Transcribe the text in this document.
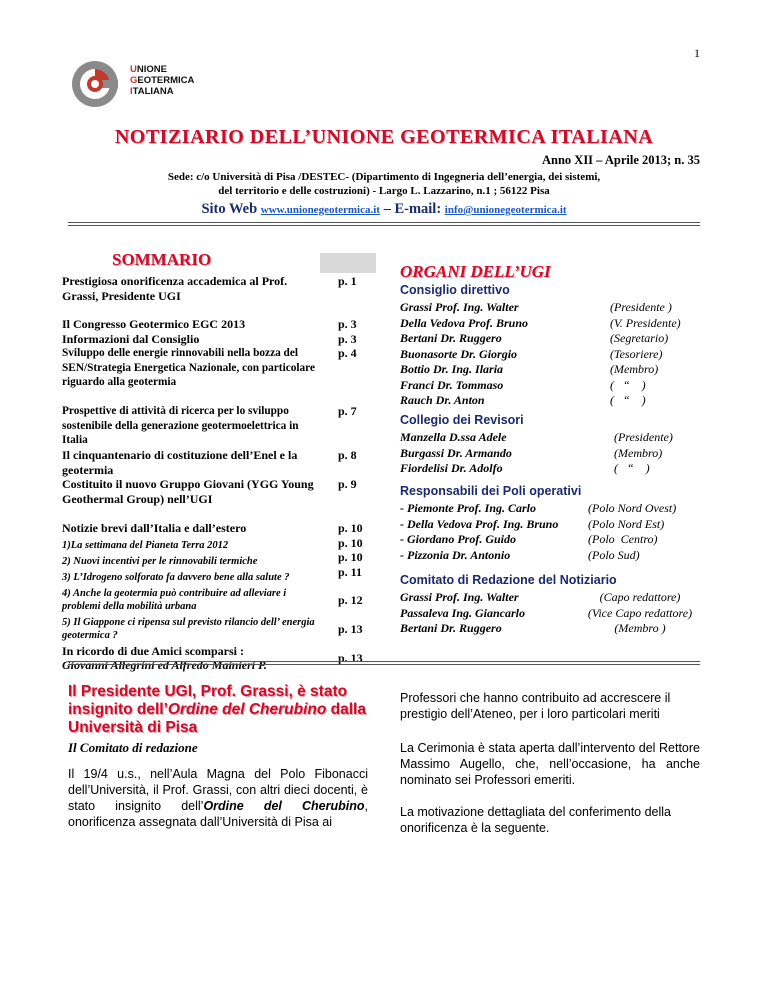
1
UNIONE
GEOTERMICA
ITALIANA
NOTIZIARIO DELL’UNIONE GEOTERMICA ITALIANA
Anno XII – Aprile 2013; n. 35
Sede: c/o Università di Pisa /DESTEC- (Dipartimento di Ingegneria dell’energia, dei sistemi,
del territorio e delle costruzioni) - Largo L. Lazzarino, n.1 ; 56122 Pisa
Sito Web www.unionegeotermica.it – E-mail: info@unionegeotermica.it
SOMMARIO
Prestigiosa onorificenza accademica al Prof. Grassi, Presidente UGI
Il Congresso Geotermico EGC 2013
Informazioni dal Consiglio
Sviluppo delle energie rinnovabili nella bozza del SEN/Strategia Energetica Nazionale, con particolare riguardo alla geotermia
Prospettive di attività di ricerca per lo sviluppo sostenibile della generazione geotermoelettrica in Italia
Il cinquantenario di costituzione dell’Enel e la geotermia
Costituito il nuovo Gruppo Giovani (YGG Young Geothermal Group) nell’UGI
Notizie brevi dall’Italia e dall’estero
1)La settimana del Pianeta Terra 2012
2) Nuovi incentivi per le rinnovabili termiche
3) L’Idrogeno solforato fa davvero bene alla salute ?
4) Anche la geotermia può contribuire ad alleviare i problemi della mobilità urbana
5) Il Giappone ci ripensa sul previsto rilancio dell’ energia geotermica ?
In ricordo di due Amici scomparsi :
Giovanni Allegrini ed Alfredo Mainieri P.
p. 1
p. 3
p. 3
p. 4
p. 7
p. 8
p. 9
p. 10
p. 10
p. 10
p. 11
p. 12
p. 13
p. 13
ORGANI DELL’UGI
Consiglio direttivo
Grassi Prof. Ing. Walter
Della Vedova Prof. Bruno
Bertani Dr. Ruggero
Buonasorte Dr. Giorgio
Bottio Dr. Ing. Ilaria
Franci Dr. Tommaso
Rauch Dr. Anton
(Presidente )
(V. Presidente)
(Segretario)
(Tesoriere)
(Membro)
(   “    )
(   “    )
Collegio dei Revisori
Manzella D.ssa Adele
Burgassi Dr. Armando
Fiordelisi Dr. Adolfo
(Presidente)
(Membro)
(   “    )
Responsabili dei Poli operativi
- Piemonte Prof. Ing. Carlo
- Della Vedova Prof. Ing. Bruno
- Giordano Prof. Guido
- Pizzonia Dr. Antonio
(Polo Nord Ovest)
(Polo Nord Est)
(Polo  Centro)
(Polo Sud)
Comitato di Redazione del Notiziario
Grassi Prof. Ing. Walter
Passaleva Ing. Giancarlo
Bertani Dr. Ruggero
(Capo redattore)
(Vice Capo redattore)
(Membro )
Il Presidente UGI, Prof. Grassi, è stato insignito dell’Ordine del Cherubino dalla Università di Pisa
Il Comitato di redazione
Il 19/4 u.s., nell’Aula Magna del Polo Fibonacci dell’Università, il Prof. Grassi, con altri dieci docenti, è stato insignito dell’Ordine del Cherubino, onorificenza assegnata dall’Università di Pisa ai
Professori che hanno contribuito ad accrescere il prestigio dell’Ateneo, per i loro particolari meriti
La Cerimonia è stata aperta dall’intervento del Rettore Massimo Augello, che, nell’occasione, ha anche nominato sei Professori emeriti.
La motivazione dettagliata del conferimento della onorificenza è la seguente.
